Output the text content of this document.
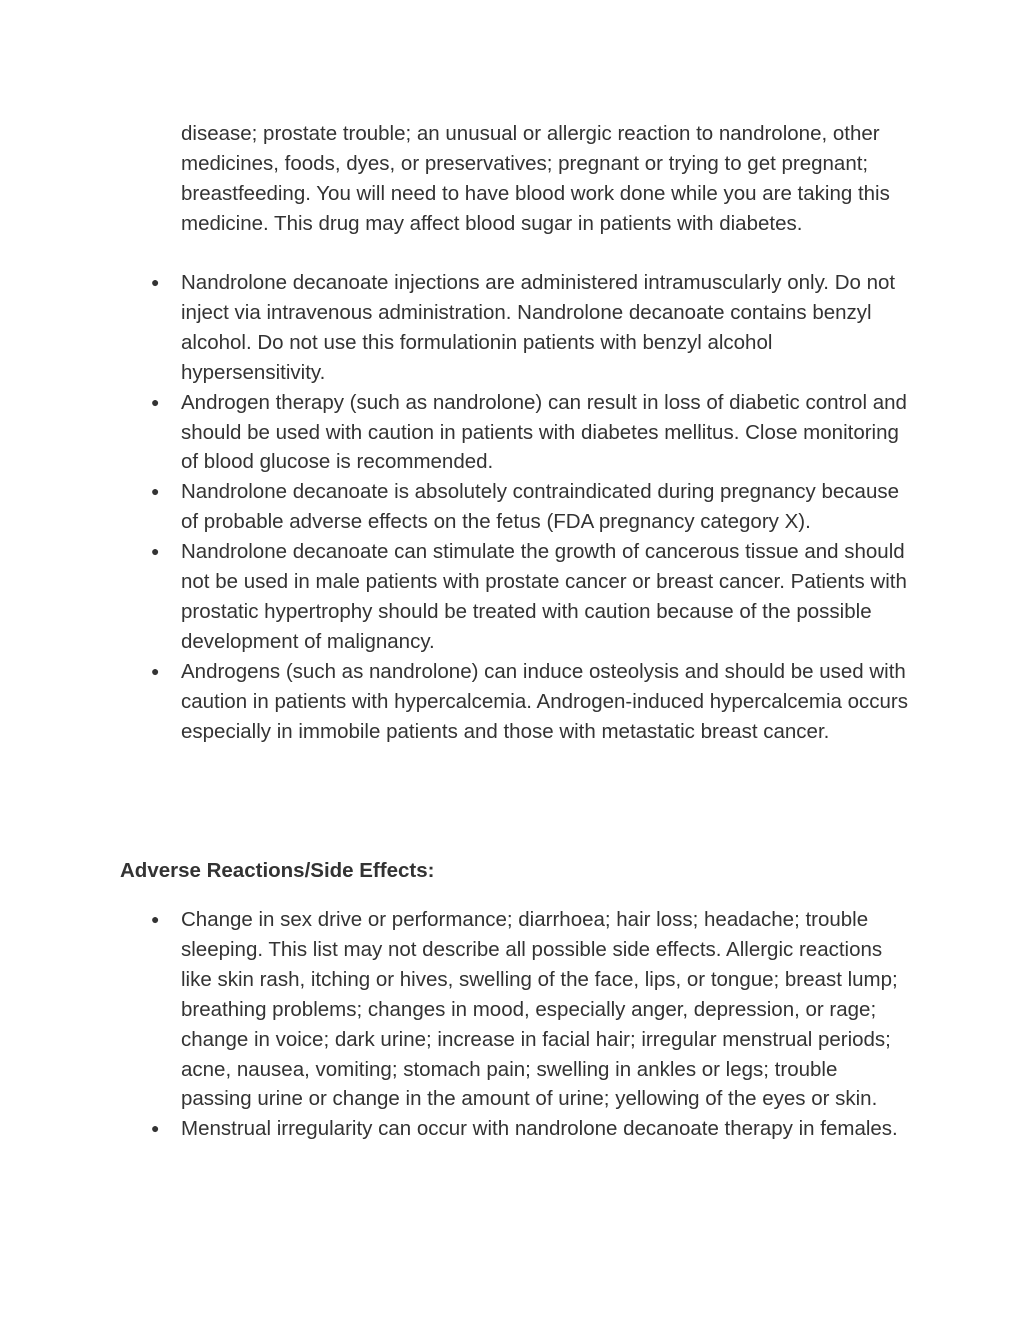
disease; prostate trouble; an unusual or allergic reaction to nandrolone, other medicines, foods, dyes, or preservatives; pregnant or trying to get pregnant; breastfeeding. You will need to have blood work done while you are taking this medicine. This drug may affect blood sugar in patients with diabetes.
● Nandrolone decanoate injections are administered intramuscularly only. Do not inject via intravenous administration. Nandrolone decanoate contains benzyl alcohol. Do not use this formulationin patients with benzyl alcohol hypersensitivity.
● Androgen therapy (such as nandrolone) can result in loss of diabetic control and should be used with caution in patients with diabetes mellitus. Close monitoring of blood glucose is recommended.
● Nandrolone decanoate is absolutely contraindicated during pregnancy because of probable adverse effects on the fetus (FDA pregnancy category X).
● Nandrolone decanoate can stimulate the growth of cancerous tissue and should not be used in male patients with prostate cancer or breast cancer. Patients with prostatic hypertrophy should be treated with caution because of the possible development of malignancy.
● Androgens (such as nandrolone) can induce osteolysis and should be used with caution in patients with hypercalcemia. Androgen-induced hypercalcemia occurs especially in immobile patients and those with metastatic breast cancer.
Adverse Reactions/Side Effects:
● Change in sex drive or performance; diarrhoea; hair loss; headache; trouble sleeping. This list may not describe all possible side effects. Allergic reactions like skin rash, itching or hives, swelling of the face, lips, or tongue; breast lump; breathing problems; changes in mood, especially anger, depression, or rage; change in voice; dark urine; increase in facial hair; irregular menstrual periods; acne, nausea, vomiting; stomach pain; swelling in ankles or legs; trouble passing urine or change in the amount of urine; yellowing of the eyes or skin.
● Menstrual irregularity can occur with nandrolone decanoate therapy in females.
